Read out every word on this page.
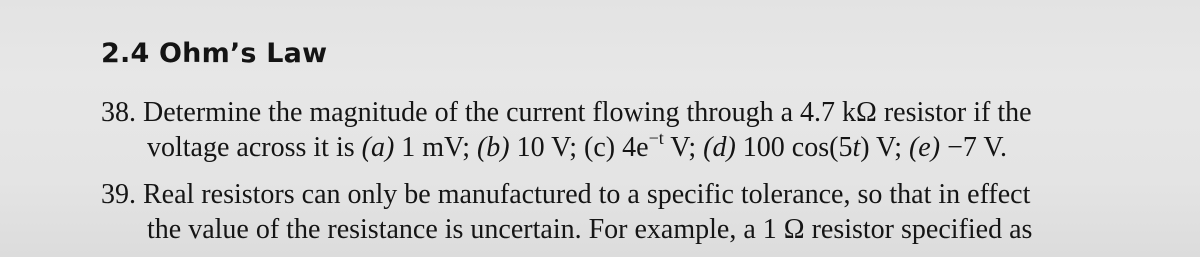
2.4 Ohm’s Law
38. Determine the magnitude of the current flowing through a 4.7 kΩ resistor if the
voltage across it is (a) 1 mV; (b) 10 V; (c) $4e^{-t}$ V; (d) 100 cos(5t) V; (e) −7 V.
39. Real resistors can only be manufactured to a specific tolerance, so that in effect
the value of the resistance is uncertain. For example, a 1 Ω resistor specified as
